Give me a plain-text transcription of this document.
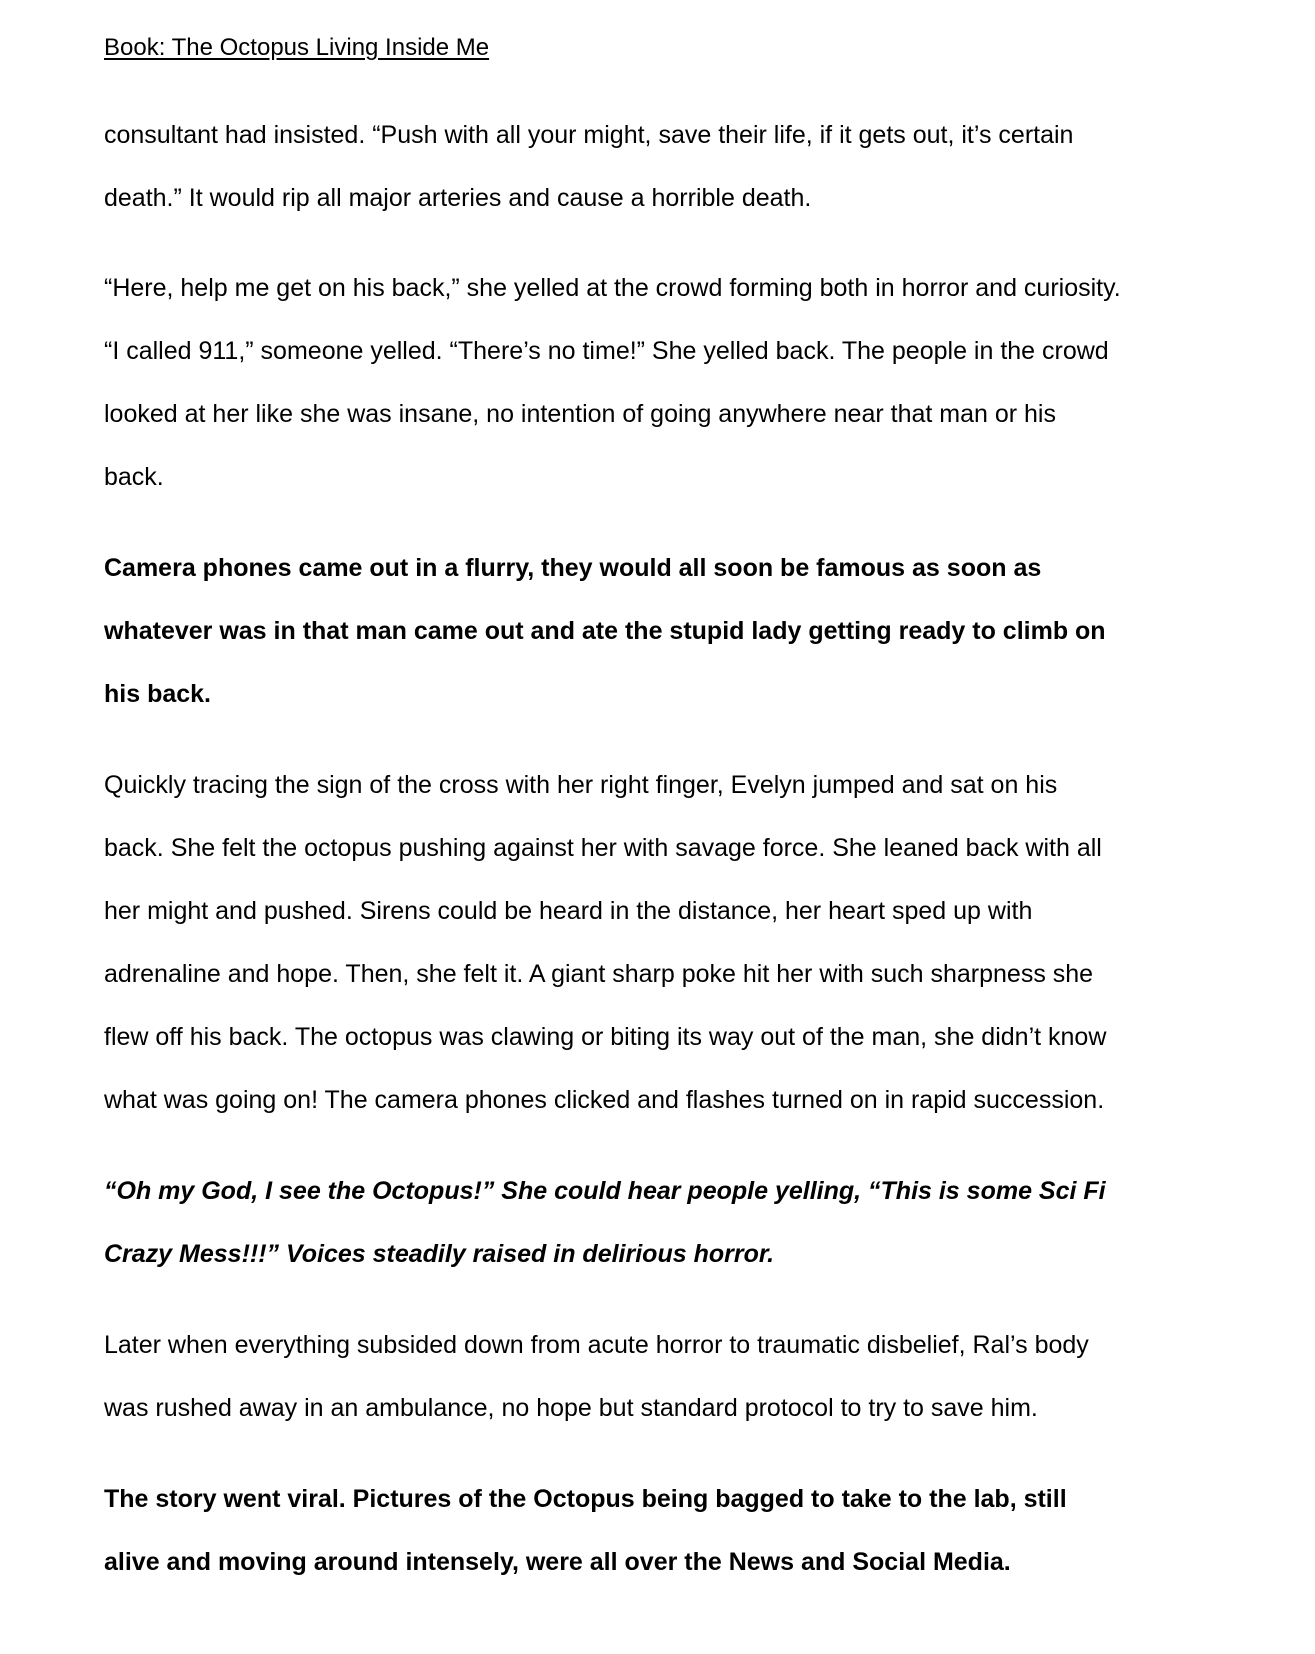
Book: The Octopus Living Inside Me
consultant had insisted. “Push with all your might, save their life, if it gets out, it’s certain
death.” It would rip all major arteries and cause a horrible death.
“Here, help me get on his back,” she yelled at the crowd forming both in horror and curiosity.
“I called 911,” someone yelled. “There’s no time!” She yelled back. The people in the crowd
looked at her like she was insane, no intention of going anywhere near that man or his
back.
Camera phones came out in a flurry, they would all soon be famous as soon as
whatever was in that man came out and ate the stupid lady getting ready to climb on
his back.
Quickly tracing the sign of the cross with her right finger, Evelyn jumped and sat on his
back. She felt the octopus pushing against her with savage force. She leaned back with all
her might and pushed. Sirens could be heard in the distance, her heart sped up with
adrenaline and hope. Then, she felt it. A giant sharp poke hit her with such sharpness she
flew off his back. The octopus was clawing or biting its way out of the man, she didn’t know
what was going on! The camera phones clicked and flashes turned on in rapid succession.
“Oh my God, I see the Octopus!” She could hear people yelling, “This is some Sci Fi
Crazy Mess!!!” Voices steadily raised in delirious horror.
Later when everything subsided down from acute horror to traumatic disbelief, Ral’s body
was rushed away in an ambulance, no hope but standard protocol to try to save him.
The story went viral. Pictures of the Octopus being bagged to take to the lab, still
alive and moving around intensely, were all over the News and Social Media.
